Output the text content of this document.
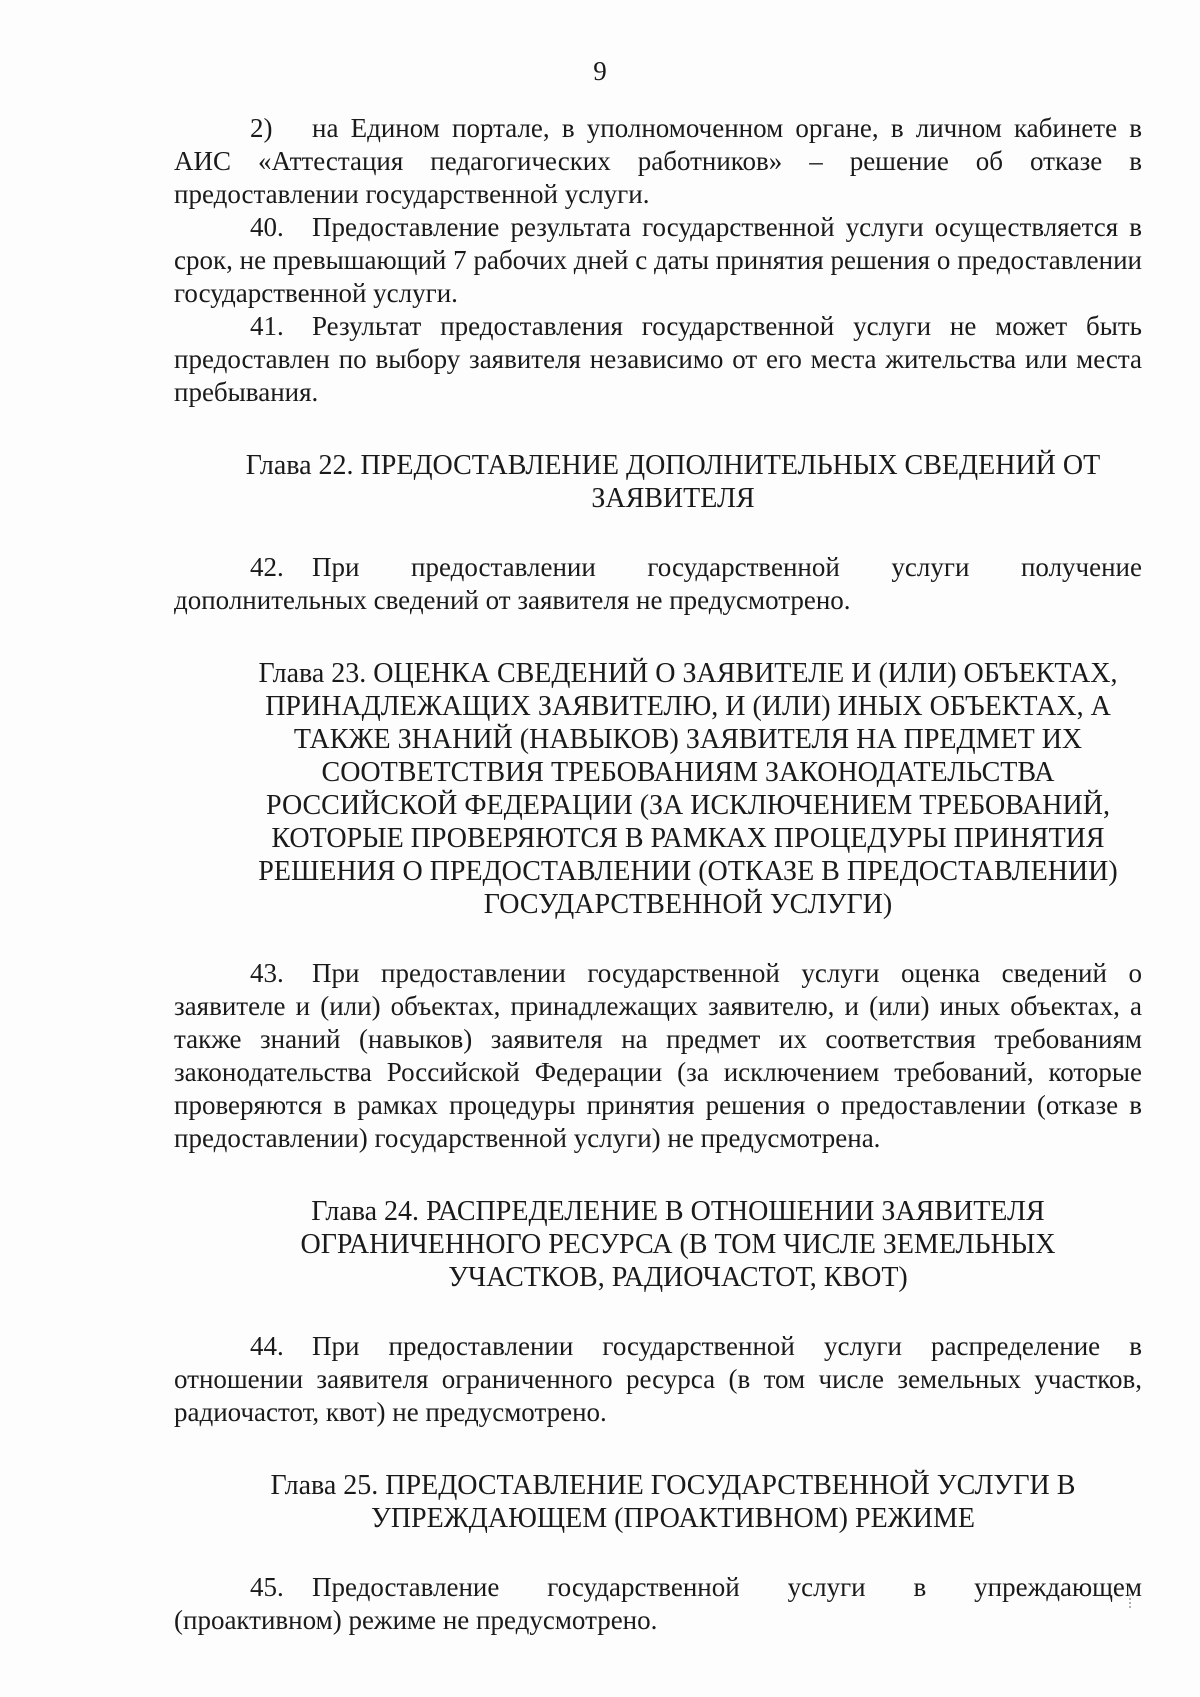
9

2) на Едином портале, в уполномоченном органе, в личном кабинете в АИС «Аттестация педагогических работников» – решение об отказе в предоставлении государственной услуги.

40. Предоставление результата государственной услуги осуществляется в срок, не превышающий 7 рабочих дней с даты принятия решения о предоставлении государственной услуги.

41. Результат предоставления государственной услуги не может быть предоставлен по выбору заявителя независимо от его места жительства или места пребывания.

Глава 22. ПРЕДОСТАВЛЕНИЕ ДОПОЛНИТЕЛЬНЫХ СВЕДЕНИЙ ОТ ЗАЯВИТЕЛЯ

42. При предоставлении государственной услуги получение дополнительных сведений от заявителя не предусмотрено.

Глава 23. ОЦЕНКА СВЕДЕНИЙ О ЗАЯВИТЕЛЕ И (ИЛИ) ОБЪЕКТАХ, ПРИНАДЛЕЖАЩИХ ЗАЯВИТЕЛЮ, И (ИЛИ) ИНЫХ ОБЪЕКТАХ, А ТАКЖЕ ЗНАНИЙ (НАВЫКОВ) ЗАЯВИТЕЛЯ НА ПРЕДМЕТ ИХ СООТВЕТСТВИЯ ТРЕБОВАНИЯМ ЗАКОНОДАТЕЛЬСТВА РОССИЙСКОЙ ФЕДЕРАЦИИ (ЗА ИСКЛЮЧЕНИЕМ ТРЕБОВАНИЙ, КОТОРЫЕ ПРОВЕРЯЮТСЯ В РАМКАХ ПРОЦЕДУРЫ ПРИНЯТИЯ РЕШЕНИЯ О ПРЕДОСТАВЛЕНИИ (ОТКАЗЕ В ПРЕДОСТАВЛЕНИИ) ГОСУДАРСТВЕННОЙ УСЛУГИ)

43. При предоставлении государственной услуги оценка сведений о заявителе и (или) объектах, принадлежащих заявителю, и (или) иных объектах, а также знаний (навыков) заявителя на предмет их соответствия требованиям законодательства Российской Федерации (за исключением требований, которые проверяются в рамках процедуры принятия решения о предоставлении (отказе в предоставлении) государственной услуги) не предусмотрена.

Глава 24. РАСПРЕДЕЛЕНИЕ В ОТНОШЕНИИ ЗАЯВИТЕЛЯ ОГРАНИЧЕННОГО РЕСУРСА (В ТОМ ЧИСЛЕ ЗЕМЕЛЬНЫХ УЧАСТКОВ, РАДИОЧАСТОТ, КВОТ)

44. При предоставлении государственной услуги распределение в отношении заявителя ограниченного ресурса (в том числе земельных участков, радиочастот, квот) не предусмотрено.

Глава 25. ПРЕДОСТАВЛЕНИЕ ГОСУДАРСТВЕННОЙ УСЛУГИ В УПРЕЖДАЮЩЕМ (ПРОАКТИВНОМ) РЕЖИМЕ

45. Предоставление государственной услуги в упреждающем (проактивном) режиме не предусмотрено.
